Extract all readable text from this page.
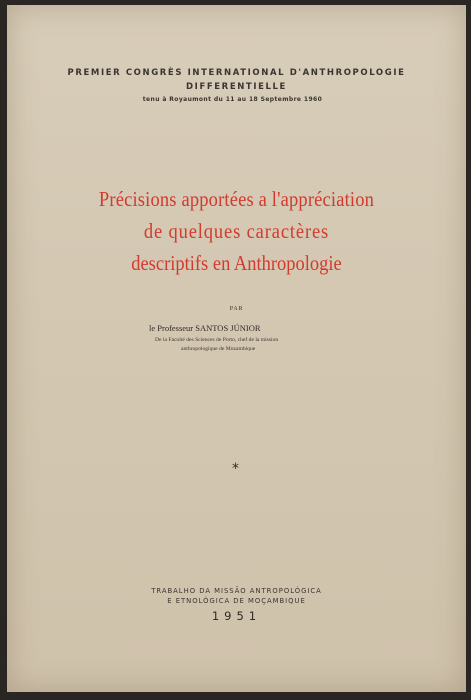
PREMIER CONGRÈS INTERNATIONAL D'ANTHROPOLOGIE
DIFFERENTIELLE
tenu à Royaumont du 11 au 18 Septembre 1960
Précisions apportées a l'appréciation
de quelques caractères
descriptifs en Anthropologie
PAR
le Professeur SANTOS JÚNIOR
De la Faculté des Sciences de Porto, chef de la mission
anthropologique de Mozambique
*
TRABALHO DA MISSÃO ANTROPOLÓGICA
E ETNOLÓGICA DE MOÇAMBIQUE
1951
